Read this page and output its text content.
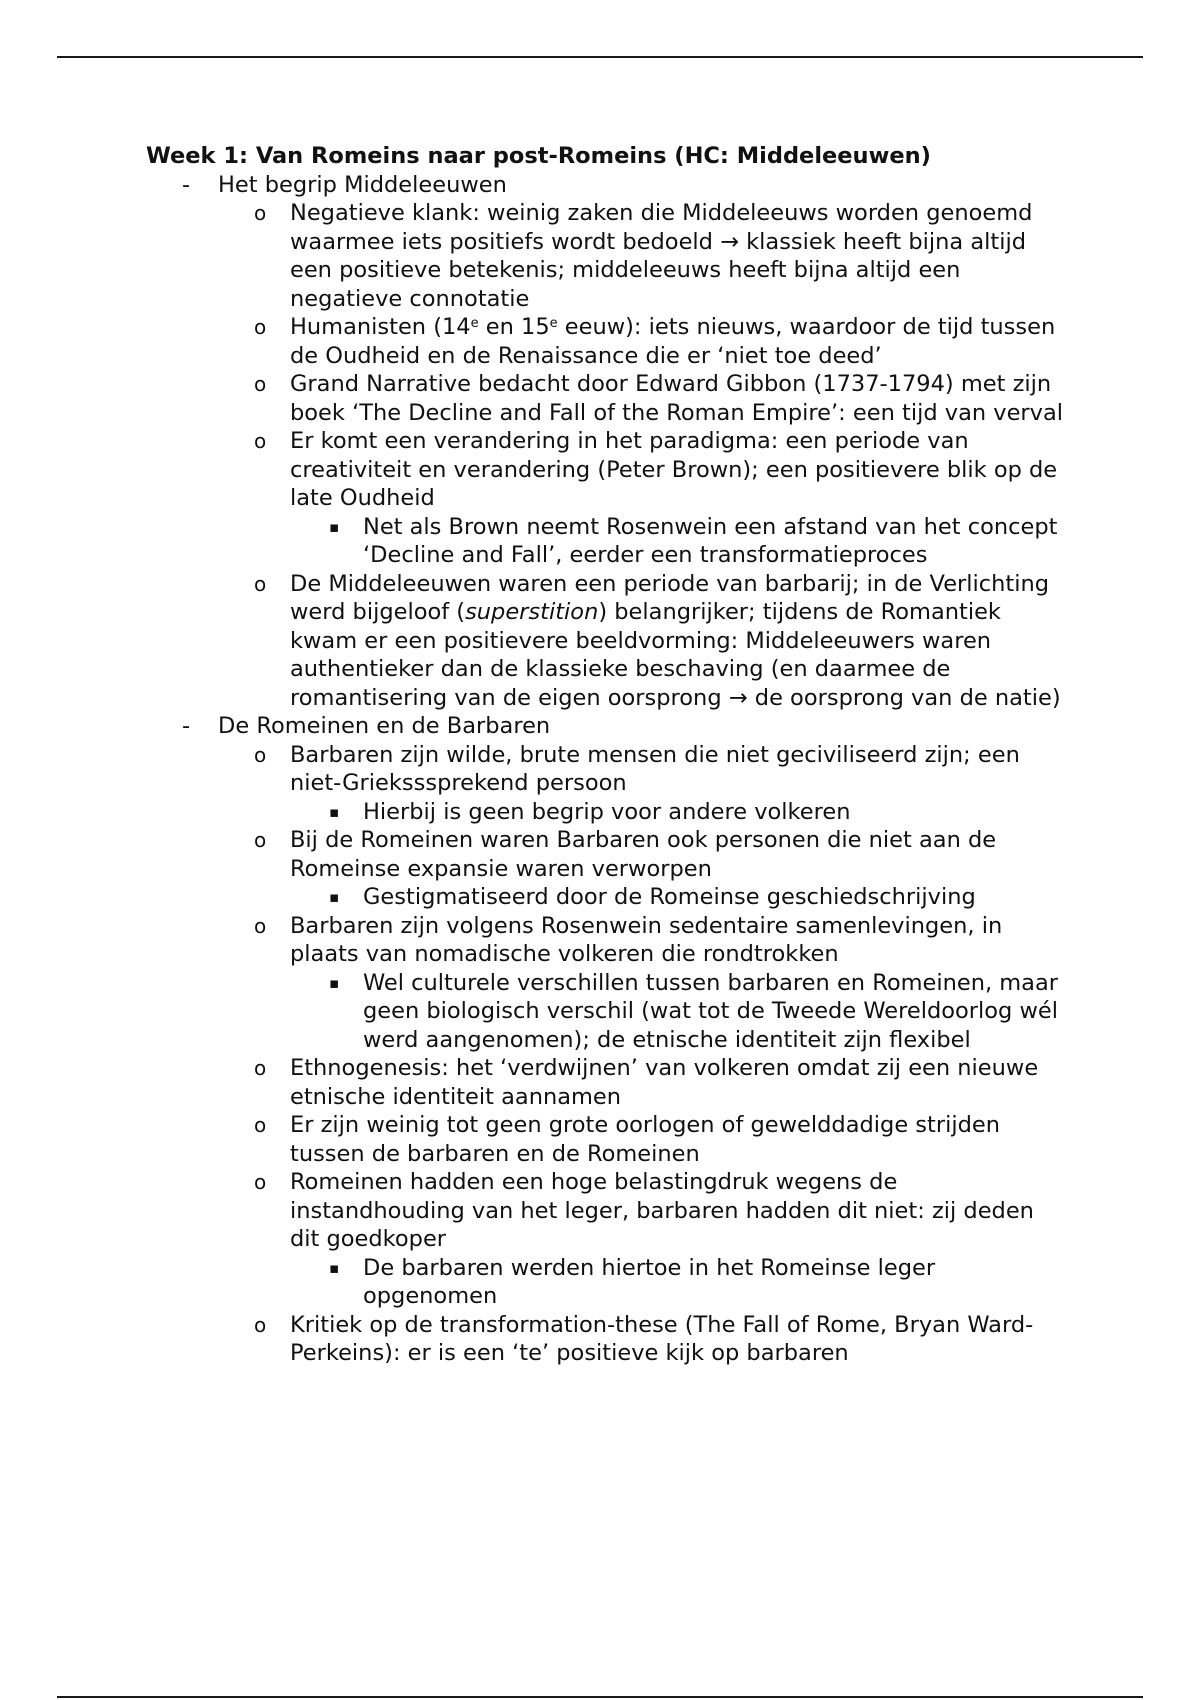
Week 1: Van Romeins naar post-Romeins (HC: Middeleeuwen)

- Het begrip Middeleeuwen
o Negatieve klank: weinig zaken die Middeleeuws worden genoemd waarmee iets positiefs wordt bedoeld → klassiek heeft bijna altijd een positieve betekenis; middeleeuws heeft bijna altijd een negatieve connotatie
o Humanisten (14e en 15e eeuw): iets nieuws, waardoor de tijd tussen de Oudheid en de Renaissance die er ‘niet toe deed’
o Grand Narrative bedacht door Edward Gibbon (1737-1794) met zijn boek ‘The Decline and Fall of the Roman Empire’: een tijd van verval
o Er komt een verandering in het paradigma: een periode van creativiteit en verandering (Peter Brown); een positievere blik op de late Oudheid
▪ Net als Brown neemt Rosenwein een afstand van het concept ‘Decline and Fall’, eerder een transformatieproces
o De Middeleeuwen waren een periode van barbarij; in de Verlichting werd bijgeloof (superstition) belangrijker; tijdens de Romantiek kwam er een positievere beeldvorming: Middeleeuwers waren authentieker dan de klassieke beschaving (en daarmee de romantisering van de eigen oorsprong → de oorsprong van de natie)
- De Romeinen en de Barbaren
o Barbaren zijn wilde, brute mensen die niet geciviliseerd zijn; een niet-Grieksssprekend persoon
▪ Hierbij is geen begrip voor andere volkeren
o Bij de Romeinen waren Barbaren ook personen die niet aan de Romeinse expansie waren verworpen
▪ Gestigmatiseerd door de Romeinse geschiedschrijving
o Barbaren zijn volgens Rosenwein sedentaire samenlevingen, in plaats van nomadische volkeren die rondtrokken
▪ Wel culturele verschillen tussen barbaren en Romeinen, maar geen biologisch verschil (wat tot de Tweede Wereldoorlog wél werd aangenomen); de etnische identiteit zijn flexibel
o Ethnogenesis: het ‘verdwijnen’ van volkeren omdat zij een nieuwe etnische identiteit aannamen
o Er zijn weinig tot geen grote oorlogen of gewelddadige strijden tussen de barbaren en de Romeinen
o Romeinen hadden een hoge belastingdruk wegens de instandhouding van het leger, barbaren hadden dit niet: zij deden dit goedkoper
▪ De barbaren werden hiertoe in het Romeinse leger opgenomen
o Kritiek op de transformation-these (The Fall of Rome, Bryan Ward-Perkeins): er is een ‘te’ positieve kijk op barbaren
